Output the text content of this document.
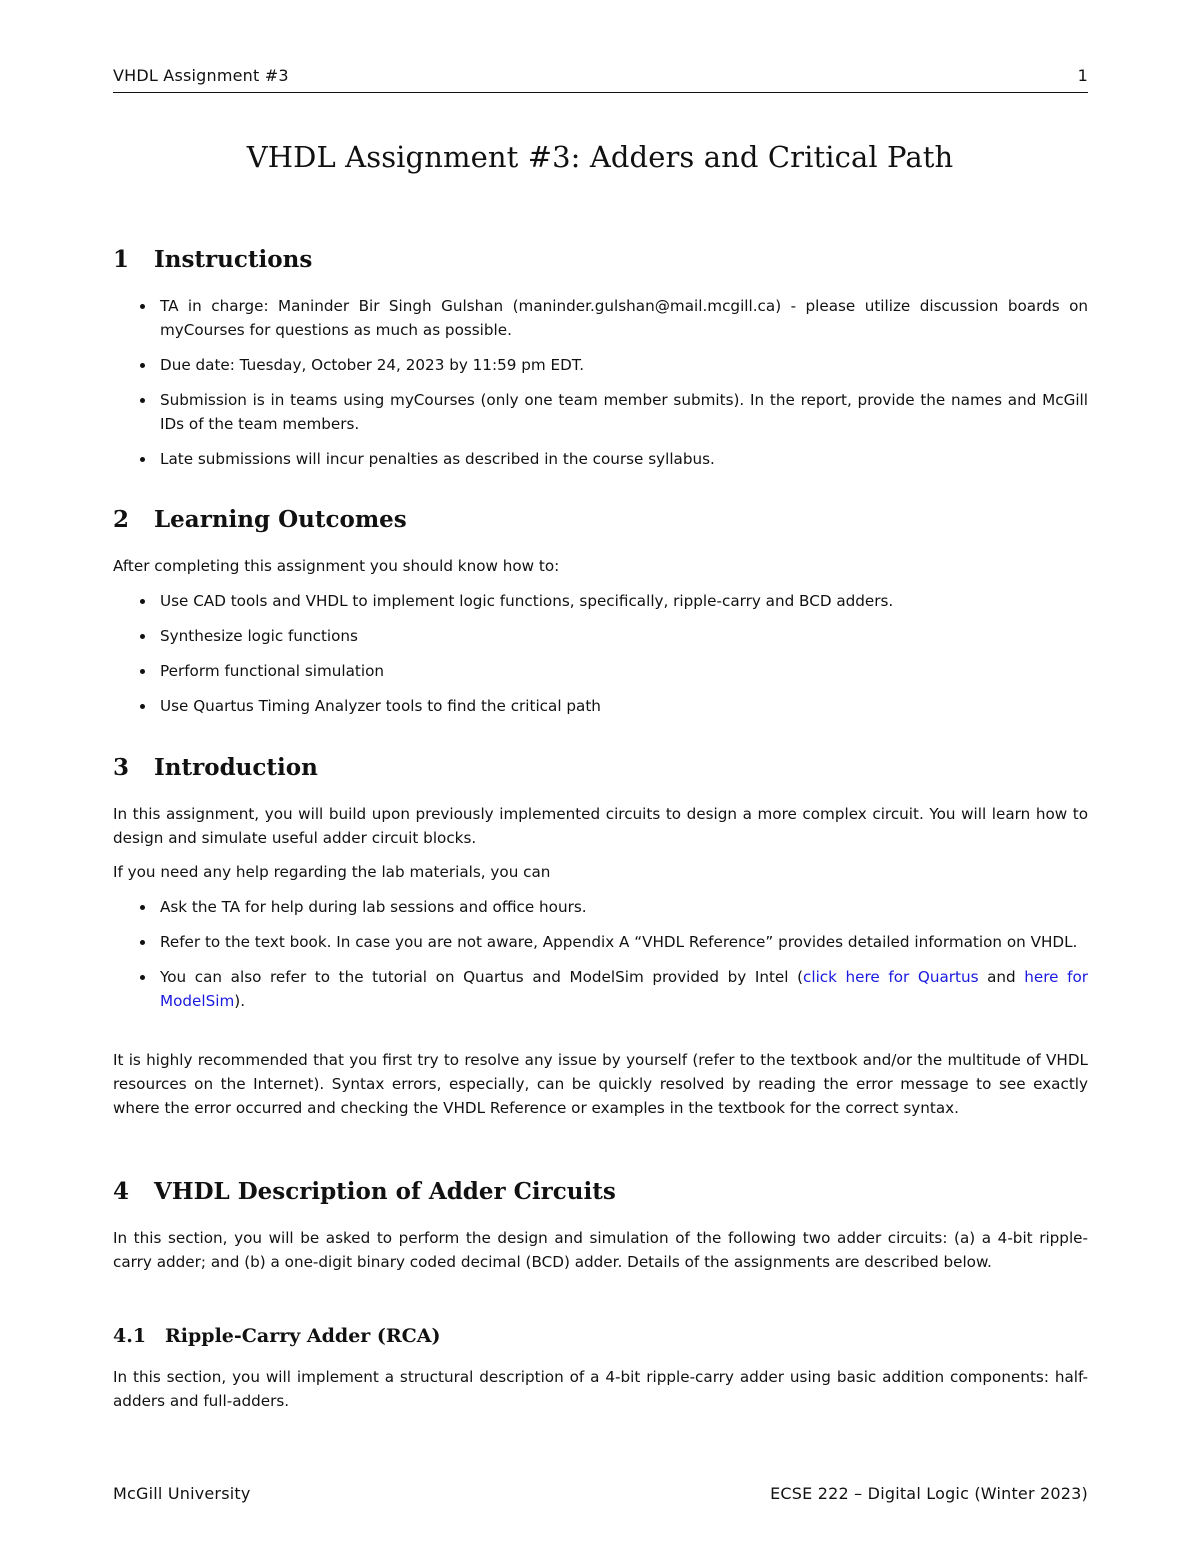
VHDL Assignment #3	1
VHDL Assignment #3: Adders and Critical Path
1 Instructions
TA in charge: Maninder Bir Singh Gulshan (maninder.gulshan@mail.mcgill.ca) - please utilize discussion boards on myCourses for questions as much as possible.
Due date: Tuesday, October 24, 2023 by 11:59 pm EDT.
Submission is in teams using myCourses (only one team member submits). In the report, provide the names and McGill IDs of the team members.
Late submissions will incur penalties as described in the course syllabus.
2 Learning Outcomes
After completing this assignment you should know how to:
Use CAD tools and VHDL to implement logic functions, specifically, ripple-carry and BCD adders.
Synthesize logic functions
Perform functional simulation
Use Quartus Timing Analyzer tools to find the critical path
3 Introduction
In this assignment, you will build upon previously implemented circuits to design a more complex circuit. You will learn how to design and simulate useful adder circuit blocks.
If you need any help regarding the lab materials, you can
Ask the TA for help during lab sessions and office hours.
Refer to the text book. In case you are not aware, Appendix A “VHDL Reference” provides detailed information on VHDL.
You can also refer to the tutorial on Quartus and ModelSim provided by Intel (click here for Quartus and here for ModelSim).
It is highly recommended that you first try to resolve any issue by yourself (refer to the textbook and/or the multitude of VHDL resources on the Internet). Syntax errors, especially, can be quickly resolved by reading the error message to see exactly where the error occurred and checking the VHDL Reference or examples in the textbook for the correct syntax.
4 VHDL Description of Adder Circuits
In this section, you will be asked to perform the design and simulation of the following two adder circuits: (a) a 4-bit ripple-carry adder; and (b) a one-digit binary coded decimal (BCD) adder. Details of the assignments are described below.
4.1 Ripple-Carry Adder (RCA)
In this section, you will implement a structural description of a 4-bit ripple-carry adder using basic addition components: half-adders and full-adders.
McGill University	ECSE 222 – Digital Logic (Winter 2023)
